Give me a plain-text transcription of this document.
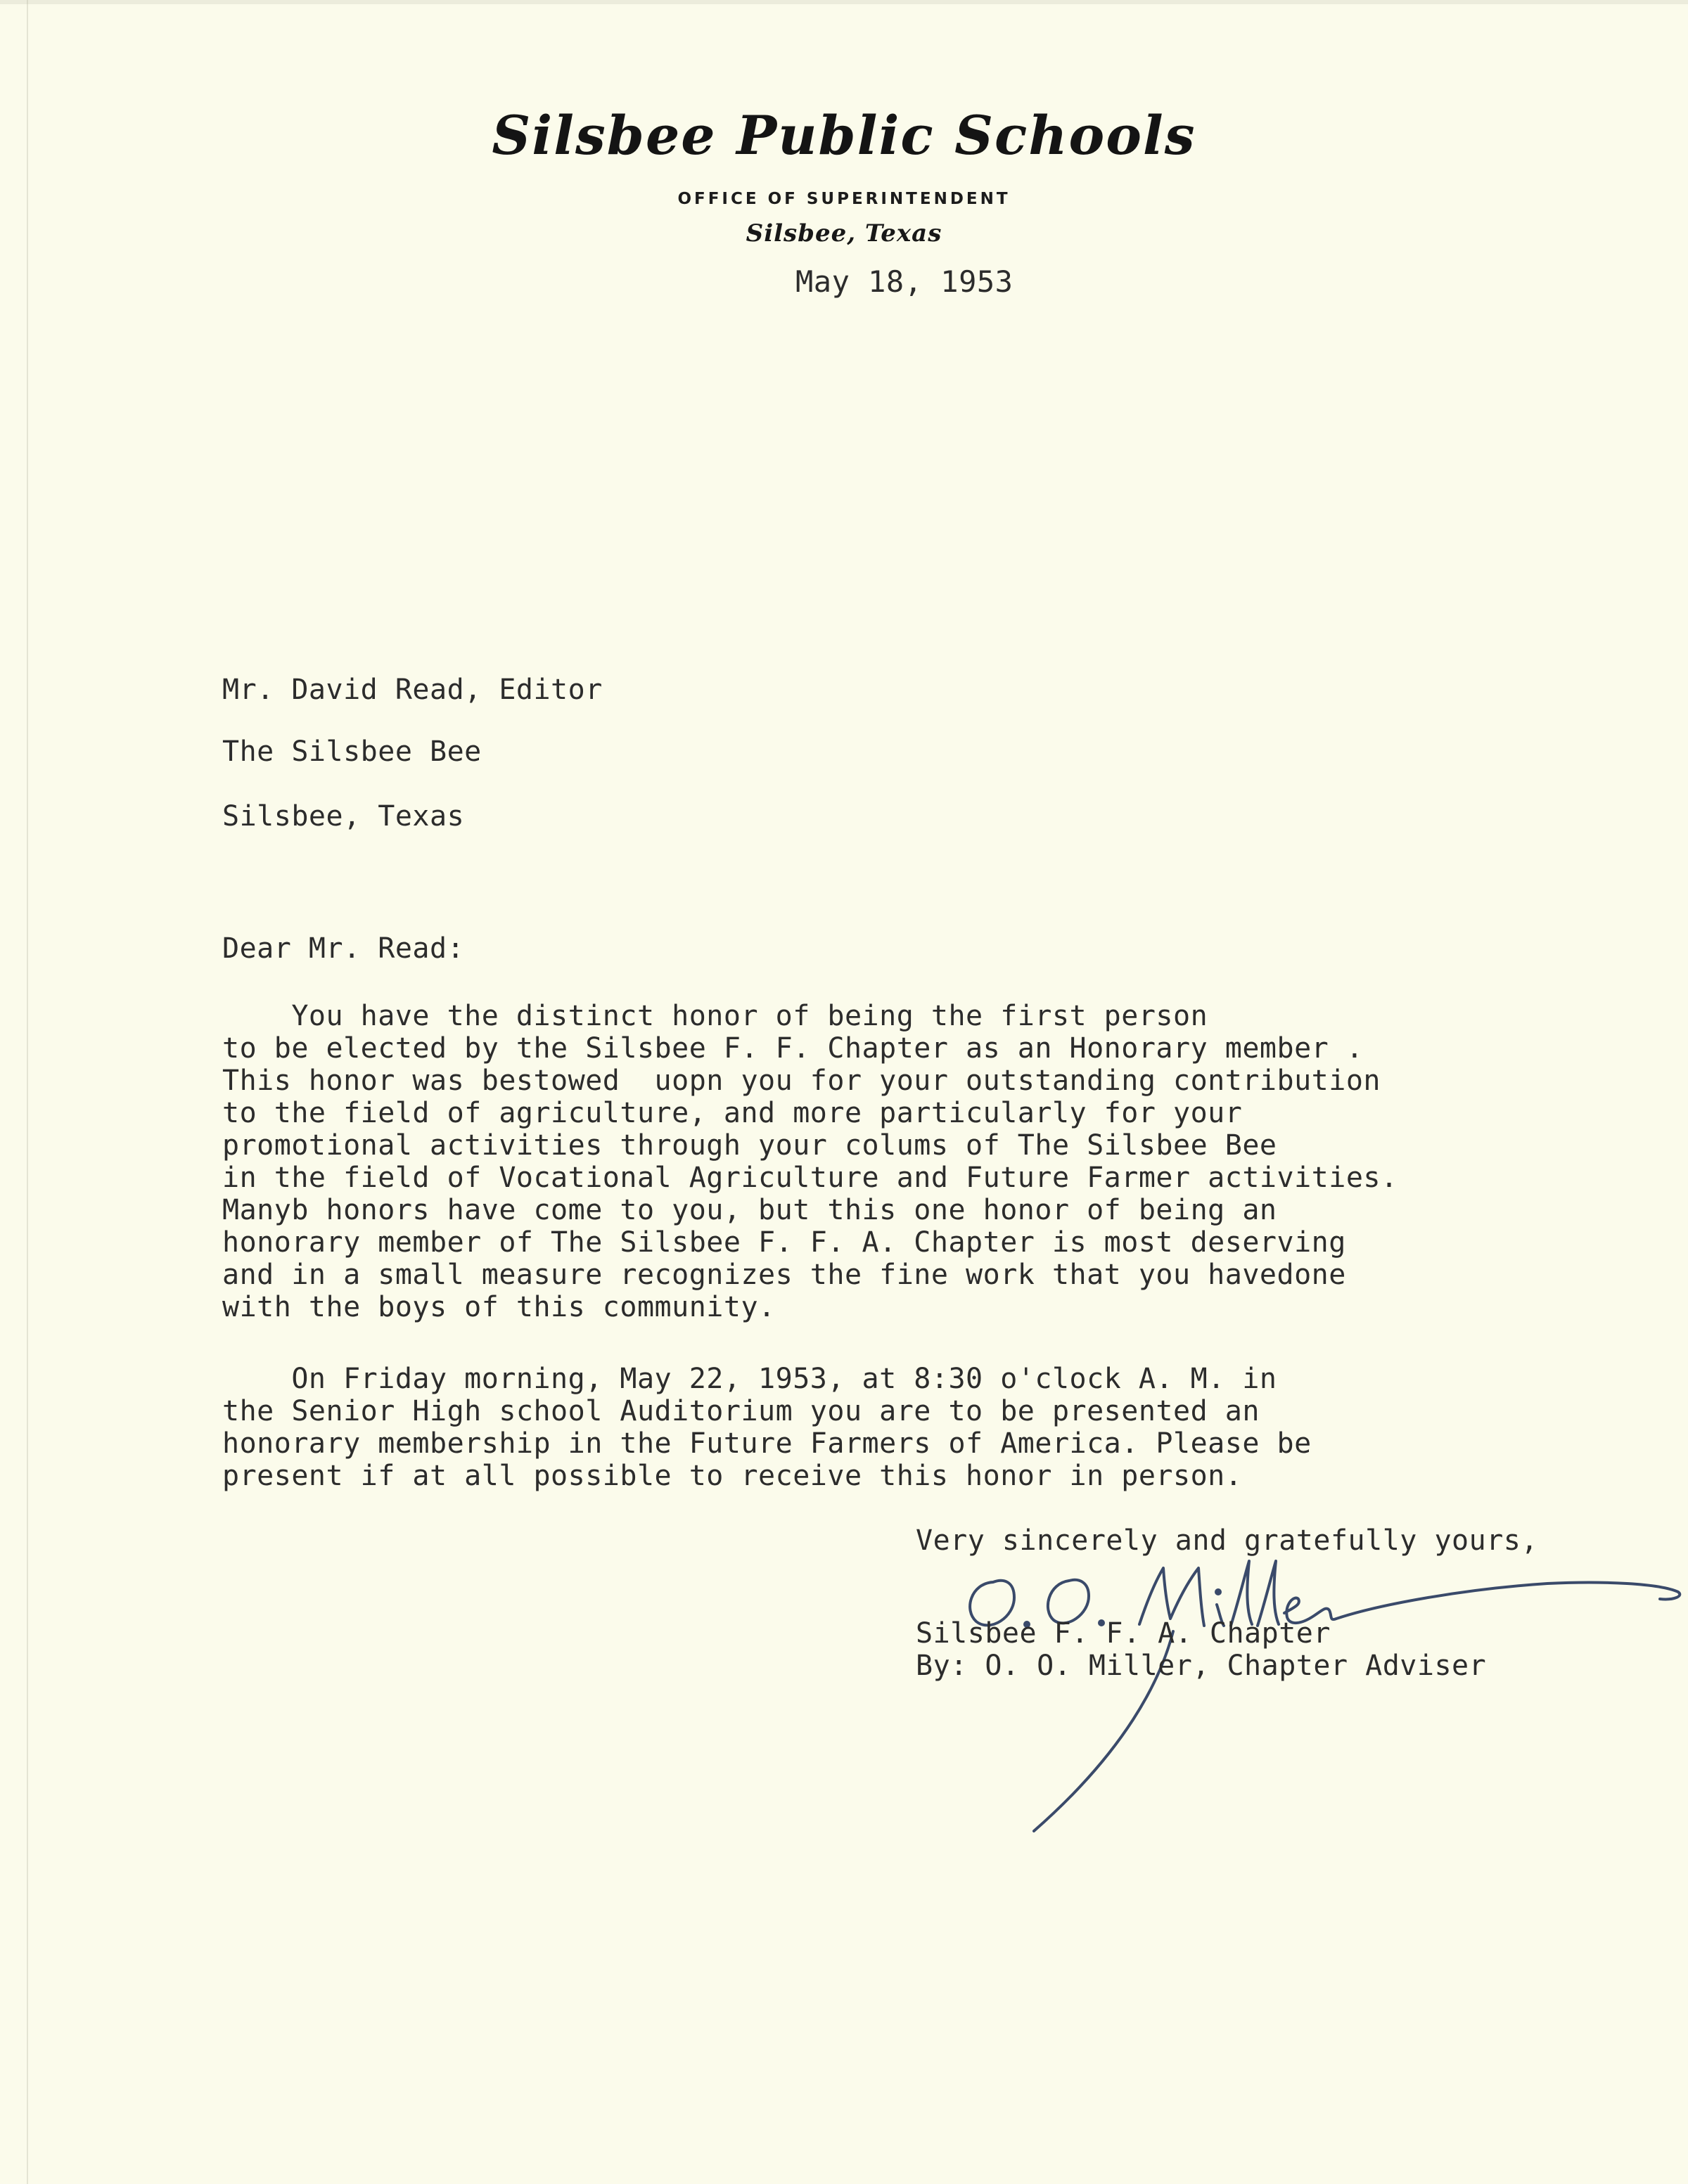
Silsbee Public Schools
OFFICE OF SUPERINTENDENT
Silsbee, Texas
May 18, 1953
Mr. David Read, Editor
The Silsbee Bee
Silsbee, Texas
Dear Mr. Read:
You have the distinct honor of being the first person
to be elected by the Silsbee F. F. Chapter as an Honorary member .
This honor was bestowed  uopn you for your outstanding contribution
to the field of agriculture, and more particularly for your
promotional activities through your colums of The Silsbee Bee
in the field of Vocational Agriculture and Future Farmer activities.
Manyb honors have come to you, but this one honor of being an
honorary member of The Silsbee F. F. A. Chapter is most deserving
and in a small measure recognizes the fine work that you havedone
with the boys of this community.
On Friday morning, May 22, 1953, at 8:30 o'clock A. M. in
the Senior High school Auditorium you are to be presented an
honorary membership in the Future Farmers of America. Please be
present if at all possible to receive this honor in person.
Very sincerely and gratefully yours,
Silsbee F. F. A. Chapter
By: O. O. Miller, Chapter Adviser
